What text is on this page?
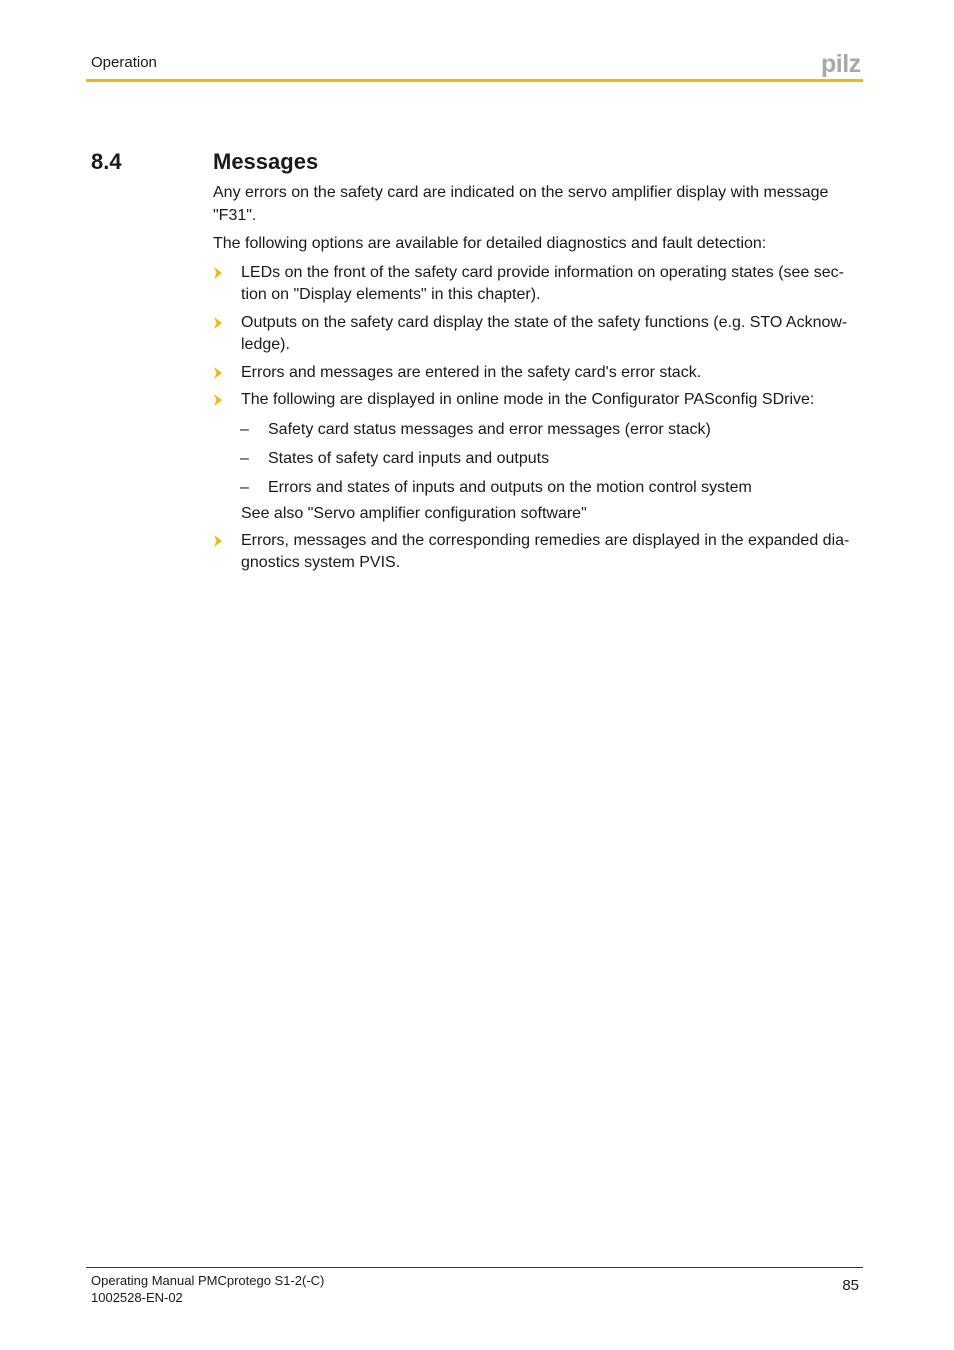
Operation	pilz
8.4	Messages

Any errors on the safety card are indicated on the servo amplifier display with message "F31".

The following options are available for detailed diagnostics and fault detection:

LEDs on the front of the safety card provide information on operating states (see section on "Display elements" in this chapter).
Outputs on the safety card display the state of the safety functions (e.g. STO Acknowledge).
Errors and messages are entered in the safety card's error stack.
The following are displayed in online mode in the Configurator PASconfig SDrive:
– Safety card status messages and error messages (error stack)
– States of safety card inputs and outputs
– Errors and states of inputs and outputs on the motion control system

See also "Servo amplifier configuration software"

Errors, messages and the corresponding remedies are displayed in the expanded diagnostics system PVIS.
Operating Manual PMCprotego S1-2(-C)
1002528-EN-02
85
